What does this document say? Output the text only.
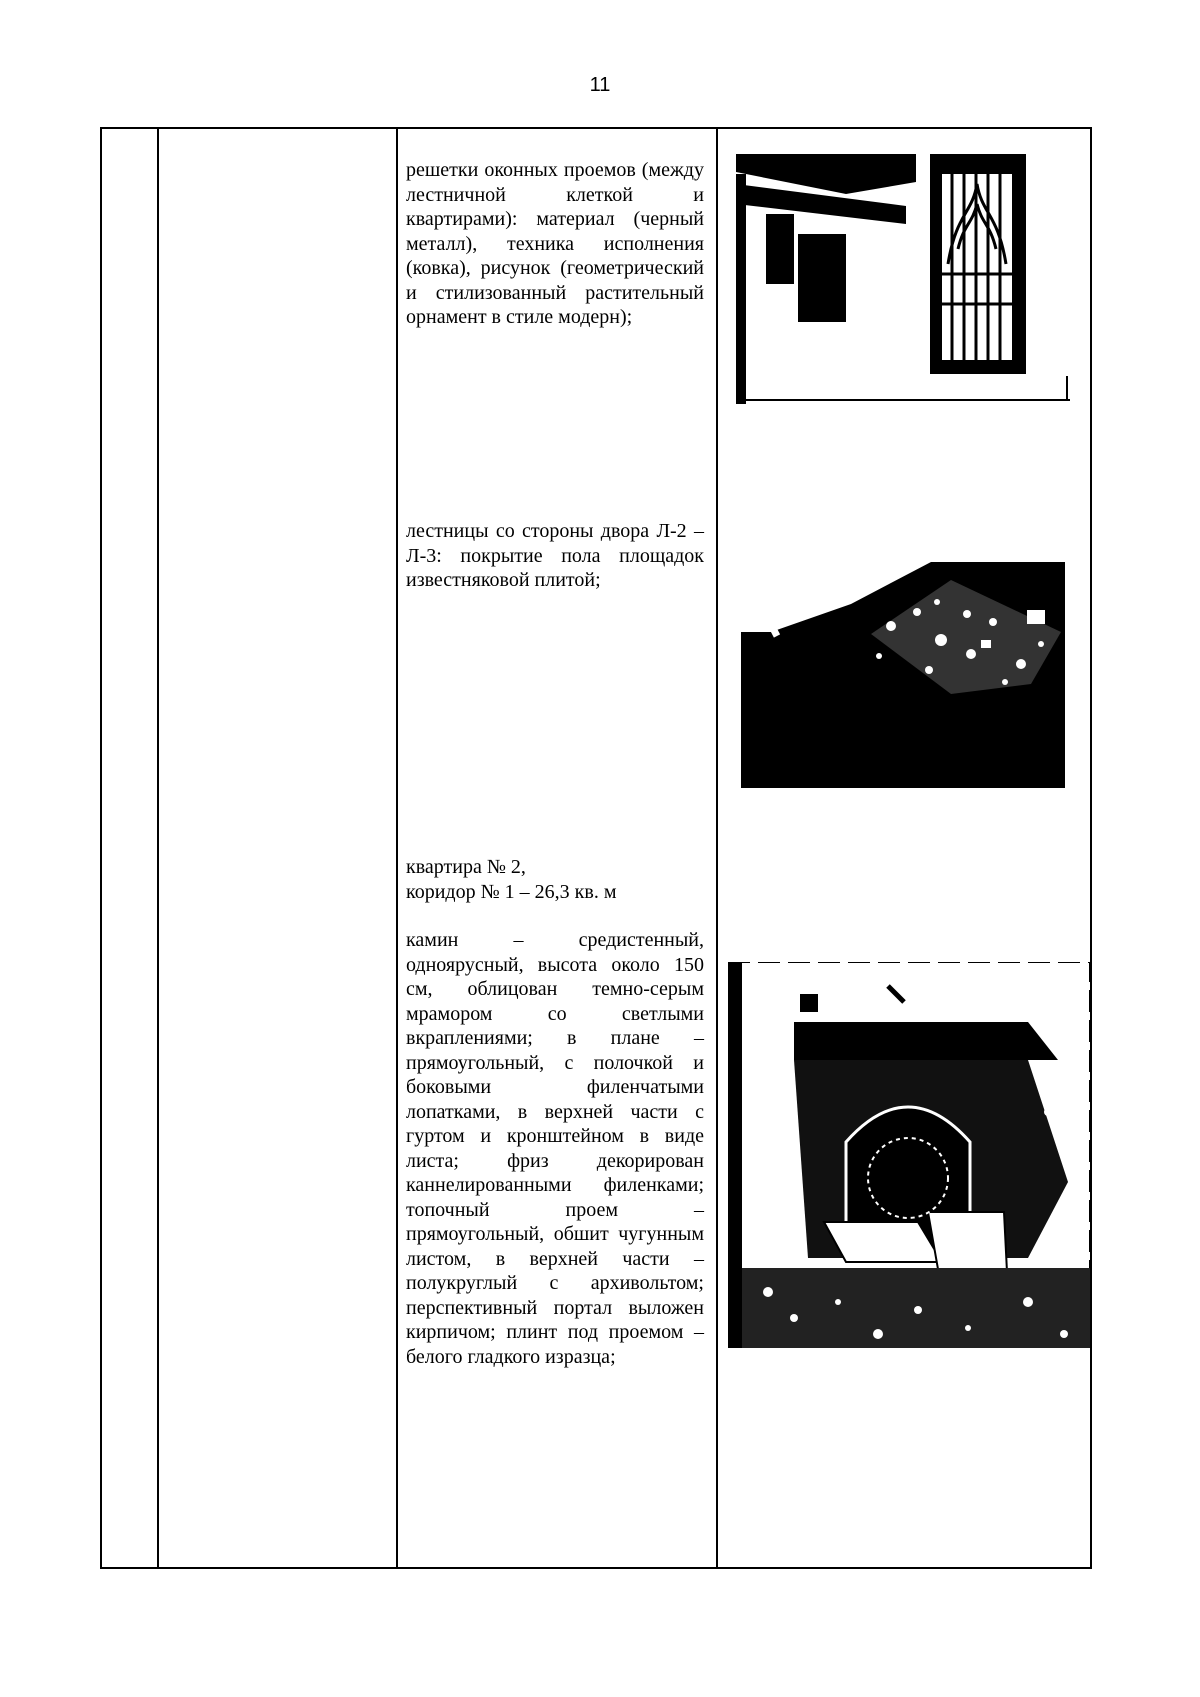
11
решетки оконных проемов (между лестничной клеткой и квартирами): материал (черный металл), техника исполнения (ковка), рисунок (геометрический и стилизованный растительный орнамент в стиле модерн);
лестницы со стороны двора Л-2 – Л-3: покрытие пола площадок известняковой плитой;
квартира № 2,
коридор № 1 – 26,3 кв. м
камин – средистенный, одноярусный, высота около 150 см, облицован темно-серым мрамором со светлыми вкраплениями; в плане – прямоугольный, с полочкой и боковыми филенчатыми лопатками, в верхней части с гуртом и кронштейном в виде листа; фриз декорирован каннелированными филенками; топочный проем – прямоугольный, обшит чугунным листом, в верхней части – полукруглый с архивольтом; перспективный портал выложен кирпичом; плинт под проемом – белого гладкого изразца;
